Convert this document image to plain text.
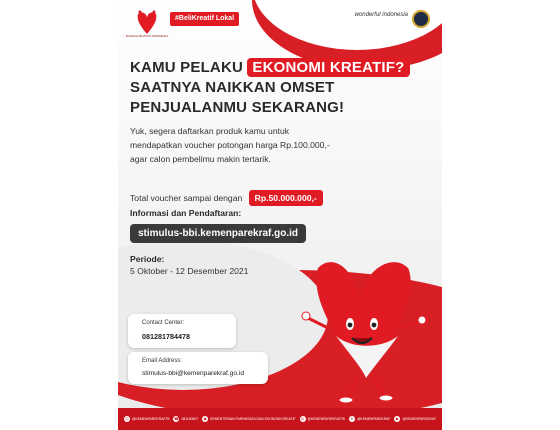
BANGGA BUATAN INDONESIA
#BeliKreatif Lokal	wonderful indonesia
KAMU PELAKU EKONOMI KREATIF?
SAATNYA NAIKKAN OMSET
PENJUALANMU SEKARANG!
Yuk, segera daftarkan produk kamu untuk mendapatkan voucher potongan harga Rp.100.000,- agar calon pembelimu makin tertarik.
Total voucher sampai dengan Rp.50.000.000,-
Informasi dan Pendaftaran:
stimulus-bbi.kemenparekraf.go.id
Periode:
5 Oktober - 12 Desember 2021
Contact Center:
081281784478
Email Address:
stimulus-bbi@kemenparekraf.go.id
◎ @KEMENPAREKRAF.RI ☎ 081160607	◉ KEMENTERIAN PARIWISATA DAN EKONOMI KREATIF	◎ @KEMENPAREKRAF.RI	✦ @KEMENPAREKRAF	▶	@KEMENPAREKRAF
